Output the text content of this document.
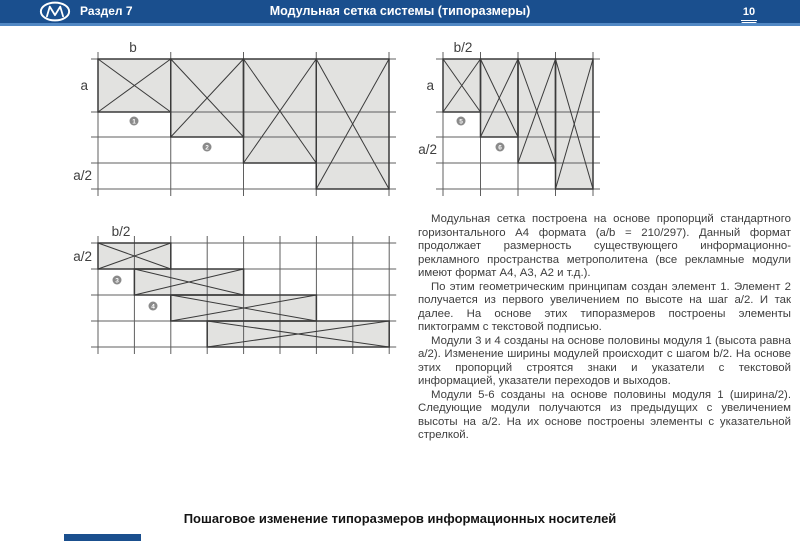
Раздел 7	Модульная сетка системы (типоразмеры)	10
b
a
a/2
1
2
b/2
a/2
3
4
b/2
a
a/2
5
6

Модульная сетка построена на основе пропорций стандартного горизонтального А4 формата (a/b = 210/297). Данный формат продолжает размерность существующего информационно-рекламного пространства метрополитена (все рекламные модули имеют формат А4, А3, А2 и т.д.).

По этим геометрическим принципам создан элемент 1. Элемент 2 получается из первого увеличением по высоте на шаг a/2. И так далее. На основе этих типоразмеров построены элементы пиктограмм с текстовой подписью.

Модули 3 и 4 созданы на основе половины модуля 1 (высота равна a/2). Изменение ширины модулей происходит с шагом b/2. На основе этих пропорций строятся знаки и указатели с текстовой информацией, указатели переходов и выходов.

Модули 5-6 созданы на основе половины модуля 1 (ширина/2). Следующие модули получаются из предыдущих с увеличением высоты на a/2. На их основе построены элементы с указательной стрелкой.

Пошаговое изменение типоразмеров информационных носителей
